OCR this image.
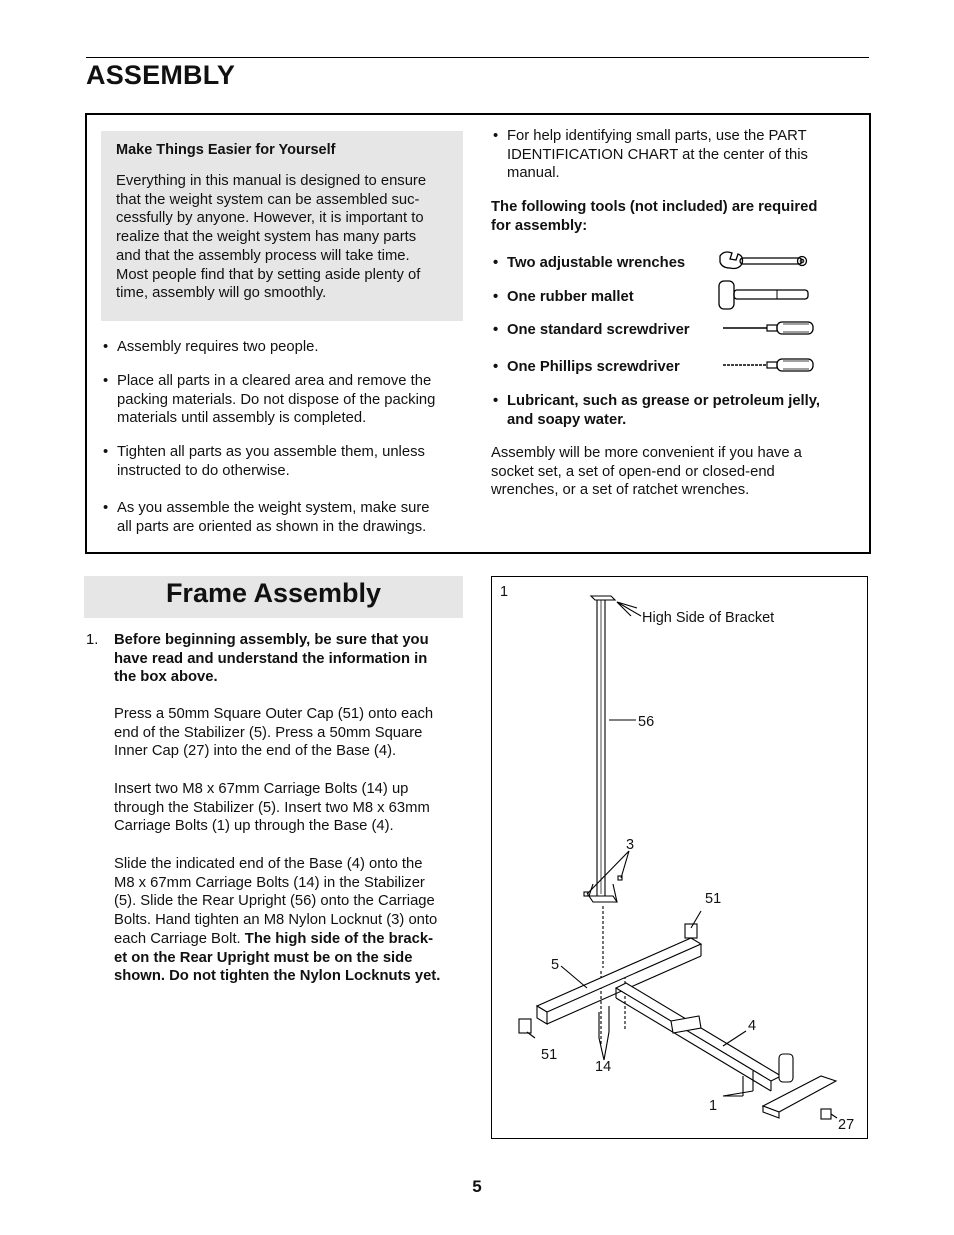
ASSEMBLY
Make Things Easier for Yourself
Everything in this manual is designed to ensure
that the weight system can be assembled suc-
cessfully by anyone. However, it is important to
realize that the weight system has many parts
and that the assembly process will take time.
Most people find that by setting aside plenty of
time, assembly will go smoothly.
• Assembly requires two people.
• Place all parts in a cleared area and remove the
packing materials. Do not dispose of the packing
materials until assembly is completed.
• Tighten all parts as you assemble them, unless
instructed to do otherwise.
• As you assemble the weight system, make sure
all parts are oriented as shown in the drawings.
• For help identifying small parts, use the PART
IDENTIFICATION CHART at the center of this
manual.
The following tools (not included) are required
for assembly:
• Two adjustable wrenches
• One rubber mallet
• One standard screwdriver
• One Phillips screwdriver
• Lubricant, such as grease or petroleum jelly,
and soapy water.
Assembly will be more convenient if you have a
socket set, a set of open-end or closed-end
wrenches, or a set of ratchet wrenches.
Frame Assembly
1. Before beginning assembly, be sure that you
have read and understand the information in
the box above.
Press a 50mm Square Outer Cap (51) onto each
end of the Stabilizer (5). Press a 50mm Square
Inner Cap (27) into the end of the Base (4).
Insert two M8 x 67mm Carriage Bolts (14) up
through the Stabilizer (5). Insert two M8 x 63mm
Carriage Bolts (1) up through the Base (4).
Slide the indicated end of the Base (4) onto the
M8 x 67mm Carriage Bolts (14) in the Stabilizer
(5). Slide the Rear Upright (56) onto the Carriage
Bolts. Hand tighten an M8 Nylon Locknut (3) onto
each Carriage Bolt. The high side of the brack-
et on the Rear Upright must be on the side
shown. Do not tighten the Nylon Locknuts yet.
1
High Side of Bracket
56
3
51
5
4
51
14
1
27
5
